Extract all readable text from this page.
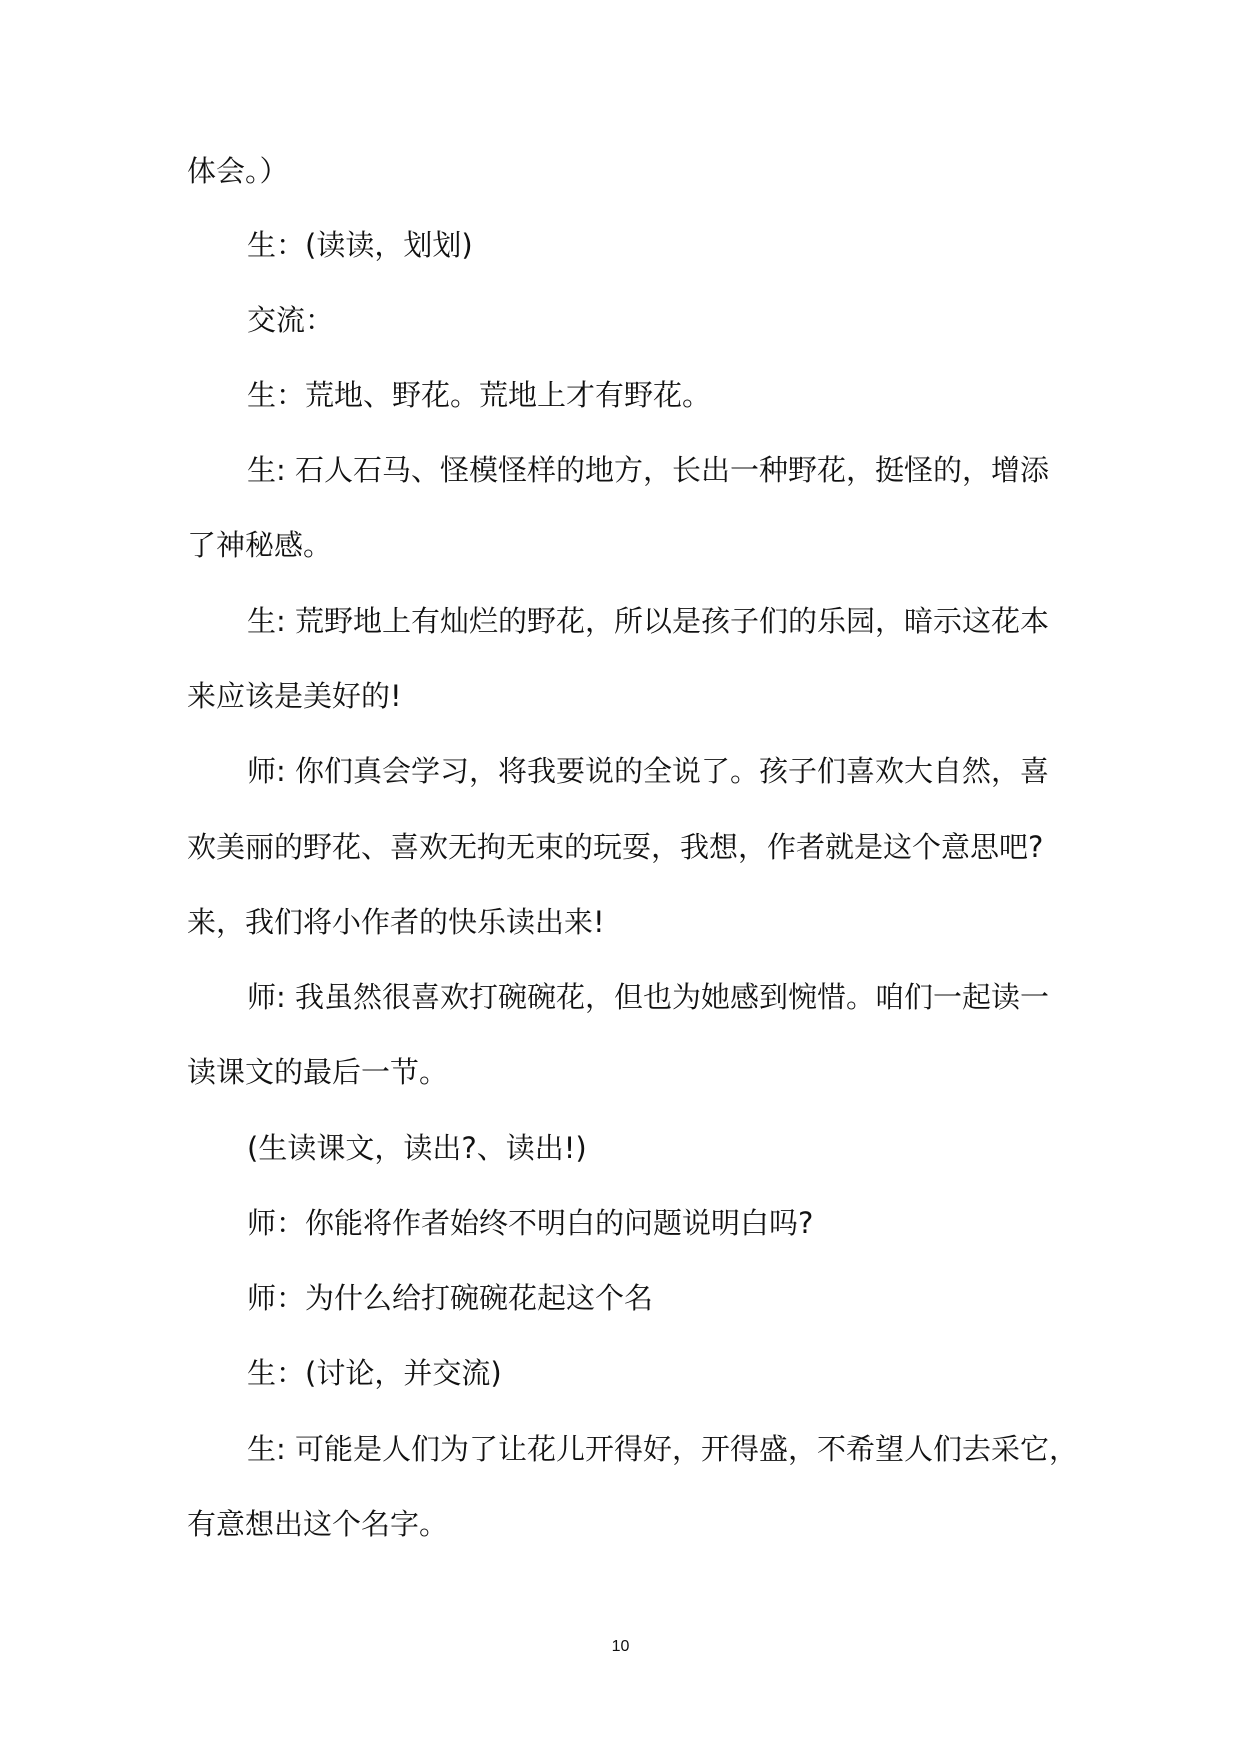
体会。）
生：(读读，划划)
交流：
生：荒地、野花。荒地上才有野花。
生: 石人石马、怪模怪样的地方，长出一种野花，挺怪的，增添
了神秘感。
生: 荒野地上有灿烂的野花，所以是孩子们的乐园，暗示这花本
来应该是美好的!
师: 你们真会学习，将我要说的全说了。孩子们喜欢大自然，喜
欢美丽的野花、喜欢无拘无束的玩耍，我想，作者就是这个意思吧?
来，我们将小作者的快乐读出来!
师: 我虽然很喜欢打碗碗花，但也为她感到惋惜。咱们一起读一
读课文的最后一节。
(生读课文，读出?、读出!)
师：你能将作者始终不明白的问题说明白吗?
师：为什么给打碗碗花起这个名
生：(讨论，并交流)
生: 可能是人们为了让花儿开得好，开得盛，不希望人们去采它，
有意想出这个名字。
10
